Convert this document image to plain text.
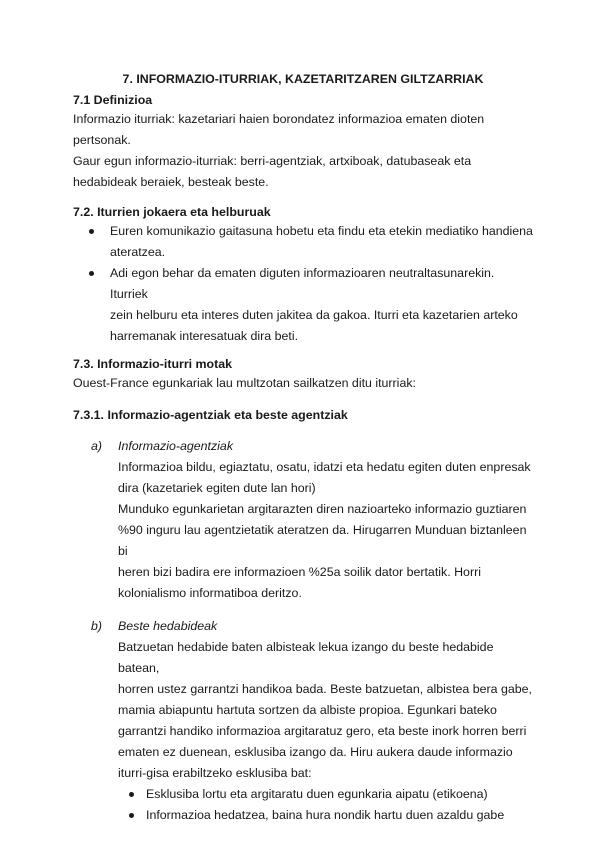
7. INFORMAZIO-ITURRIAK, KAZETARITZAREN GILTZARRIAK
7.1 Definizioa
Informazio iturriak: kazetariari haien borondatez informazioa ematen dioten
pertsonak.
Gaur egun informazio-iturriak: berri-agentziak, artxiboak, datubaseak eta
hedabideak beraiek, besteak beste.
7.2. Iturrien jokaera eta helburuak
Euren komunikazio gaitasuna hobetu eta findu eta etekin mediatiko handiena
ateratzea.
Adi egon behar da ematen diguten informazioaren neutraltasunarekin. Iturriek
zein helburu eta interes duten jakitea da gakoa. Iturri eta kazetarien arteko
harremanak interesatuak dira beti.
7.3. Informazio-iturri motak
Ouest-France egunkariak lau multzotan sailkatzen ditu iturriak:
7.3.1. Informazio-agentziak eta beste agentziak
a) Informazio-agentziak
Informazioa bildu, egiaztatu, osatu, idatzi eta hedatu egiten duten enpresak
dira (kazetariek egiten dute lan hori)
Munduko egunkarietan argitarazten diren nazioarteko informazio guztiaren
%90 inguru lau agentzietatik ateratzen da. Hirugarren Munduan biztanleen bi
heren bizi badira ere informazioen %25a soilik dator bertatik. Horri
kolonialismo informatiboa deritzo.
b) Beste hedabideak
Batzuetan hedabide baten albisteak lekua izango du beste hedabide batean,
horren ustez garrantzi handikoa bada. Beste batzuetan, albistea bera gabe,
mamia abiapuntu hartuta sortzen da albiste propioa. Egunkari bateko
garrantzi handiko informazioa argitaratuz gero, eta beste inork horren berri
ematen ez duenean, esklusiba izango da. Hiru aukera daude informazio
iturri-gisa erabiltzeko esklusiba bat:
Esklusiba lortu eta argitaratu duen egunkaria aipatu (etikoena)
Informazioa hedatzea, baina hura nondik hartu duen azaldu gabe
